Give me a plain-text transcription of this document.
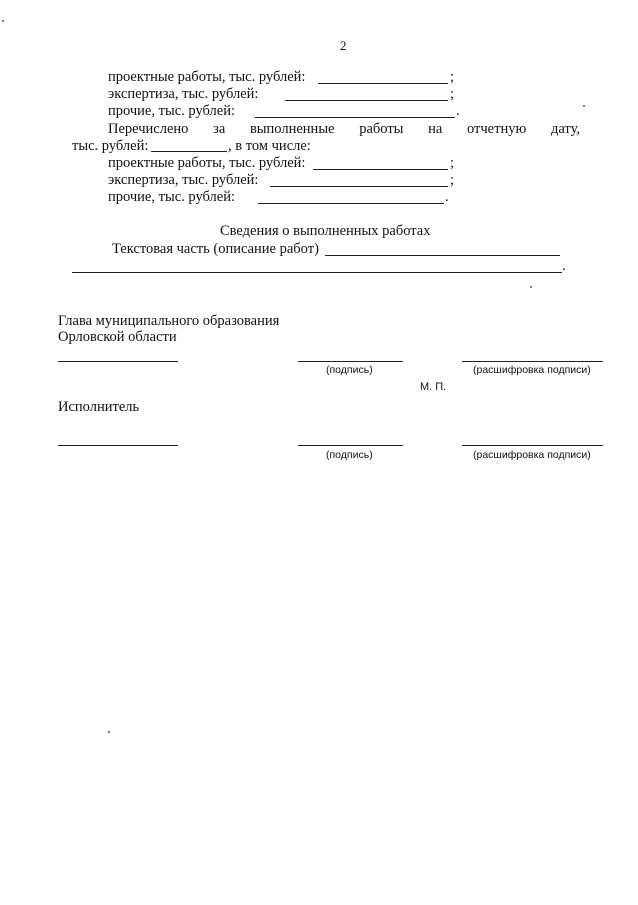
2
проектные работы, тыс. рублей:	;
экспертиза, тыс. рублей:	;
прочие, тыс. рублей:	.
Перечислено за выполненные работы на отчетную дату,
тыс. рублей:	, в том числе:
проектные работы, тыс. рублей:	;
экспертиза, тыс. рублей:	;
прочие, тыс. рублей:	.
Сведения о выполненных работах
Текстовая часть (описание работ)
.
Глава муниципального образования
Орловской области
(подпись)	(расшифровка подписи)
М. П.
Исполнитель
(подпись)	(расшифровка подписи)
